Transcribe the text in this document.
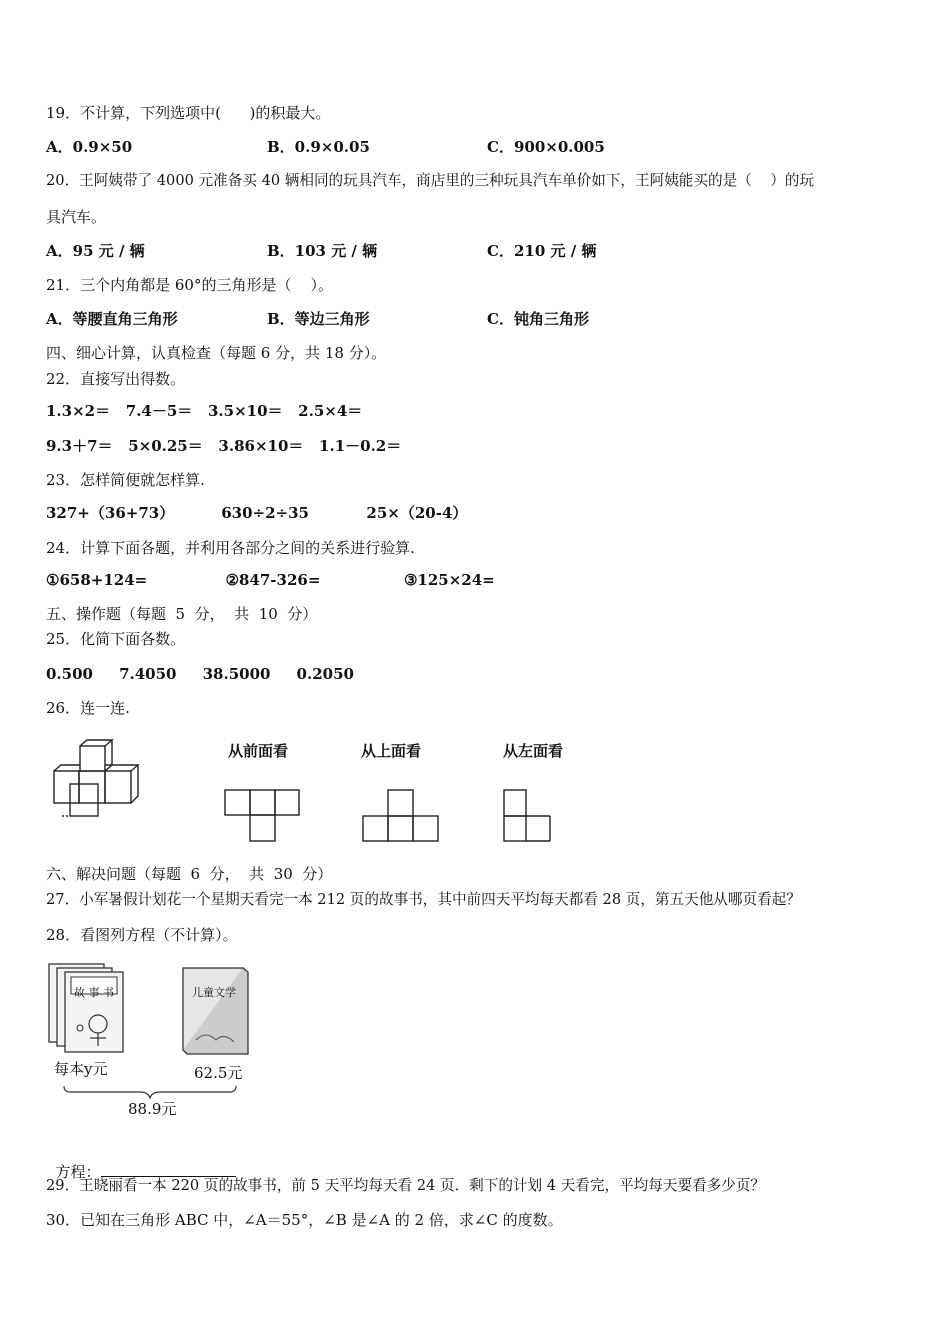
19．不计算，下列选项中(      )的积最大。
A．0.9×50	B．0.9×0.05	C．900×0.005
20．王阿姨带了 4000 元准备买 40 辆相同的玩具汽车，商店里的三种玩具汽车单价如下，王阿姨能买的是（    ）的玩
具汽车。
A．95 元 / 辆	B．103 元 / 辆	C．210 元 / 辆
21．三个内角都是 60°的三角形是（    ）。
A．等腰直角三角形	B．等边三角形	C．钝角三角形
四、细心计算，认真检查（每题 6 分，共 18 分）。
22．直接写出得数。
1.3×2＝   7.4－5＝   3.5×10＝   2.5×4＝
9.3＋7＝   5×0.25＝   3.86×10＝   1.1－0.2＝
23．怎样简便就怎样算.
327+（36+73）         630÷2÷35           25×（20-4）
24．计算下面各题，并利用各部分之间的关系进行验算.
①658+124=               ②847-326=                ③125×24=
五、操作题（每题  5  分，  共  10  分）
25．化简下面各数。
0.500     7.4050     38.5000     0.2050
26．连一连.
从前面看	从上面看	从左面看
六、解决问题（每题  6  分，  共  30  分）
27．小军暑假计划花一个星期天看完一本 212 页的故事书，其中前四天平均每天都看 28 页，第五天他从哪页看起？
28．看图列方程（不计算）。
故 事 书	儿童文学
每本y元	62.5元
88.9元

方程：

29．王晓丽看一本 220 页的故事书，前 5 天平均每天看 24 页．剩下的计划 4 天看完，平均每天要看多少页？
30．已知在三角形 ABC 中，∠A＝55°，∠B 是∠A 的 2 倍，求∠C 的度数。
